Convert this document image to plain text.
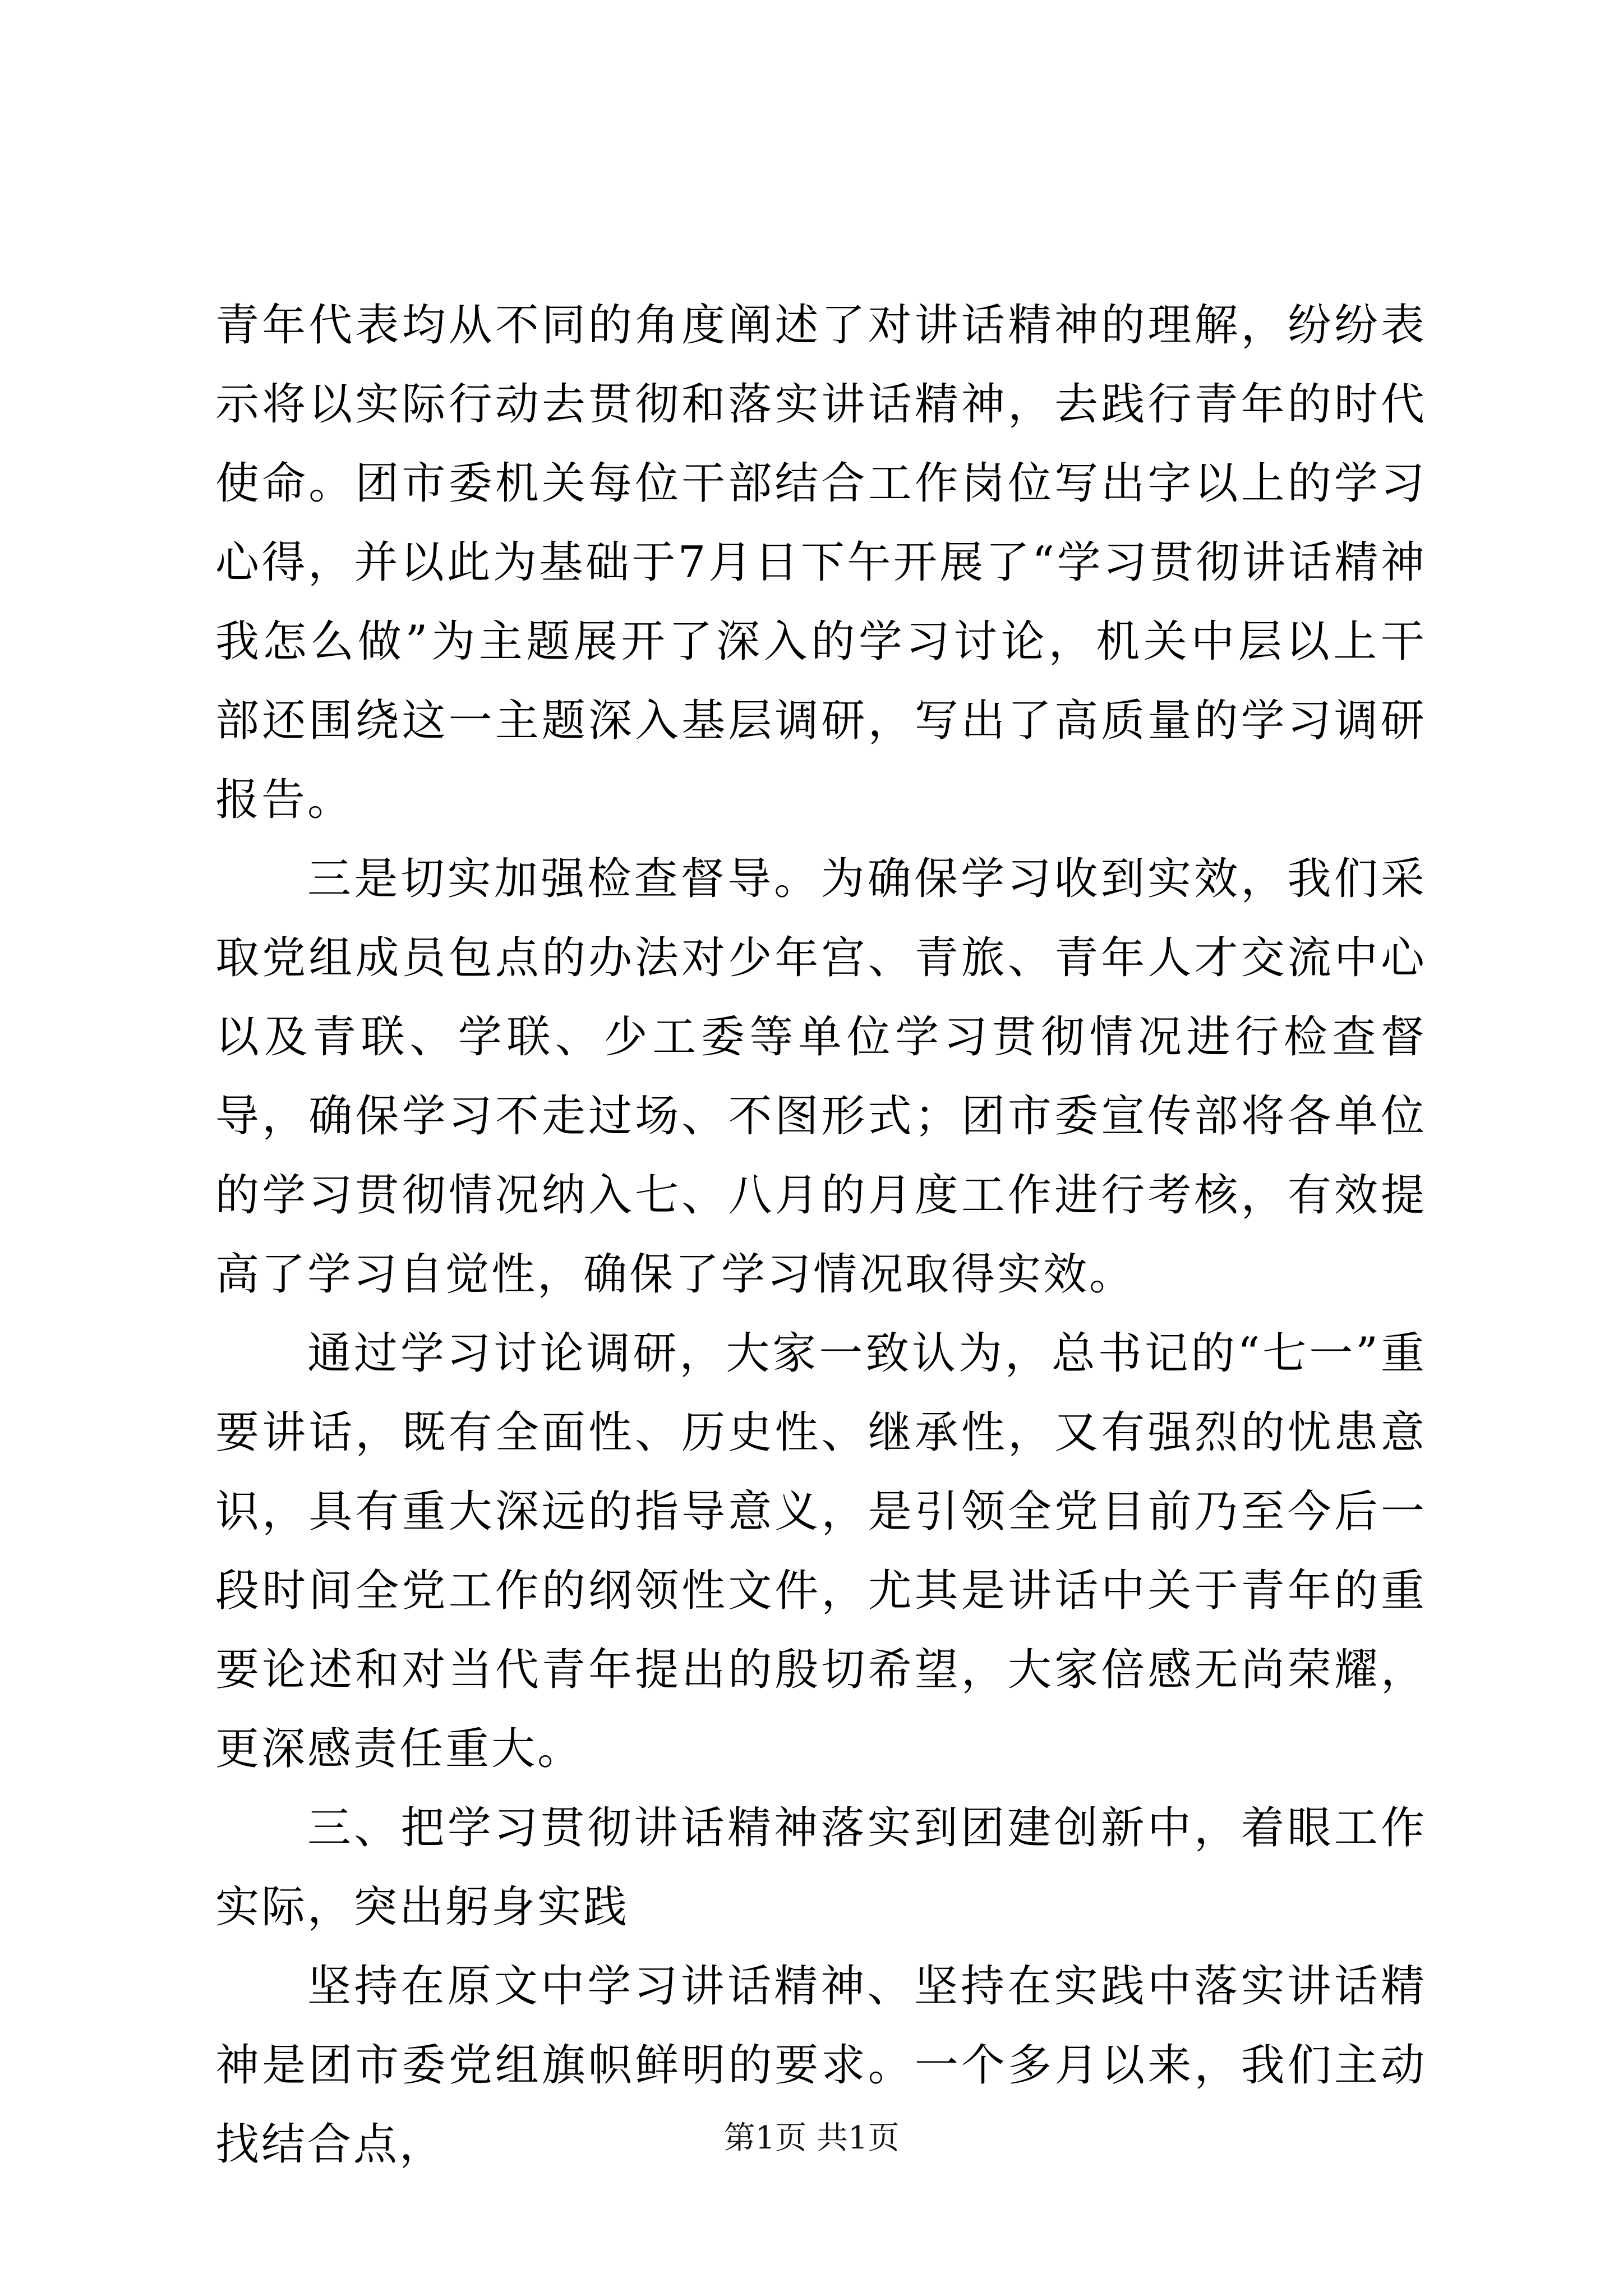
青年代表均从不同的角度阐述了对讲话精神的理解，纷纷表示将以实际行动去贯彻和落实讲话精神，去践行青年的时代使命。团市委机关每位干部结合工作岗位写出字以上的学习心得，并以此为基础于7月日下午开展了“学习贯彻讲话精神我怎么做”为主题展开了深入的学习讨论，机关中层以上干部还围绕这一主题深入基层调研，写出了高质量的学习调研报告。

三是切实加强检查督导。为确保学习收到实效，我们采取党组成员包点的办法对少年宫、青旅、青年人才交流中心以及青联、学联、少工委等单位学习贯彻情况进行检查督导，确保学习不走过场、不图形式；团市委宣传部将各单位的学习贯彻情况纳入七、八月的月度工作进行考核，有效提高了学习自觉性，确保了学习情况取得实效。

通过学习讨论调研，大家一致认为，总书记的“七一”重要讲话，既有全面性、历史性、继承性，又有强烈的忧患意识，具有重大深远的指导意义，是引领全党目前乃至今后一段时间全党工作的纲领性文件，尤其是讲话中关于青年的重要论述和对当代青年提出的殷切希望，大家倍感无尚荣耀，更深感责任重大。

三、把学习贯彻讲话精神落实到团建创新中，着眼工作实际，突出躬身实践

坚持在原文中学习讲话精神、坚持在实践中落实讲话精神是团市委党组旗帜鲜明的要求。一个多月以来，我们主动找结合点，	第1页 共1页
